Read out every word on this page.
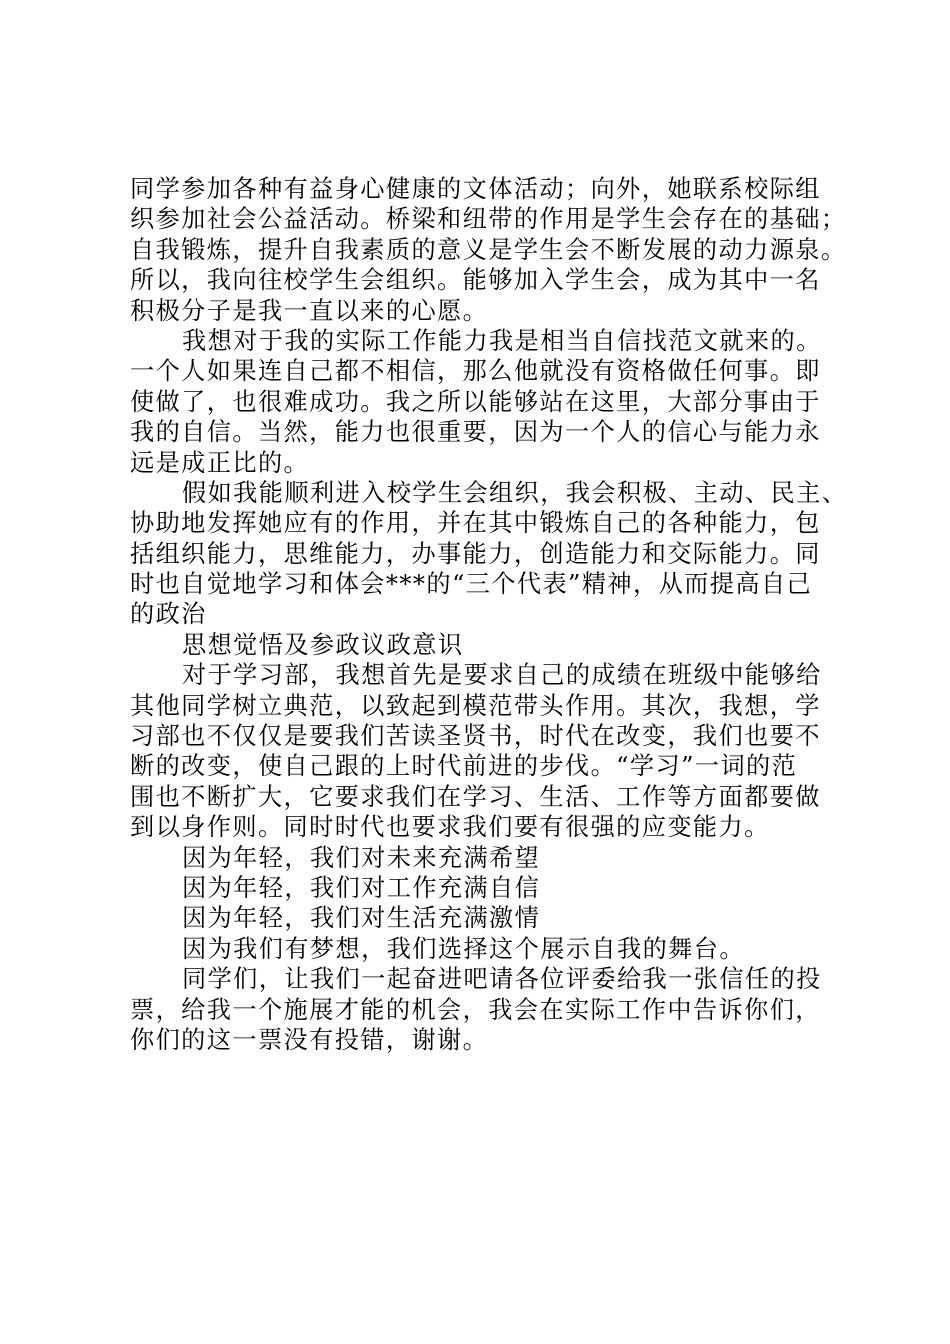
同学参加各种有益身心健康的文体活动；向外，她联系校际组
织参加社会公益活动。桥梁和纽带的作用是学生会存在的基础；
自我锻炼，提升自我素质的意义是学生会不断发展的动力源泉。
所以，我向往校学生会组织。能够加入学生会，成为其中一名
积极分子是我一直以来的心愿。
我想对于我的实际工作能力我是相当自信找范文就来的。
一个人如果连自己都不相信，那么他就没有资格做任何事。即
使做了，也很难成功。我之所以能够站在这里，大部分事由于
我的自信。当然，能力也很重要，因为一个人的信心与能力永
远是成正比的。
假如我能顺利进入校学生会组织，我会积极、主动、民主、
协助地发挥她应有的作用，并在其中锻炼自己的各种能力，包
括组织能力，思维能力，办事能力，创造能力和交际能力。同
时也自觉地学习和体会***的“三个代表”精神，从而提高自己
的政治
思想觉悟及参政议政意识
对于学习部，我想首先是要求自己的成绩在班级中能够给
其他同学树立典范，以致起到模范带头作用。其次，我想，学
习部也不仅仅是要我们苦读圣贤书，时代在改变，我们也要不
断的改变，使自己跟的上时代前进的步伐。“学习”一词的范
围也不断扩大，它要求我们在学习、生活、工作等方面都要做
到以身作则。同时时代也要求我们要有很强的应变能力。
因为年轻，我们对未来充满希望
因为年轻，我们对工作充满自信
因为年轻，我们对生活充满激情
因为我们有梦想，我们选择这个展示自我的舞台。
同学们，让我们一起奋进吧请各位评委给我一张信任的投
票，给我一个施展才能的机会，我会在实际工作中告诉你们，
你们的这一票没有投错，谢谢。
